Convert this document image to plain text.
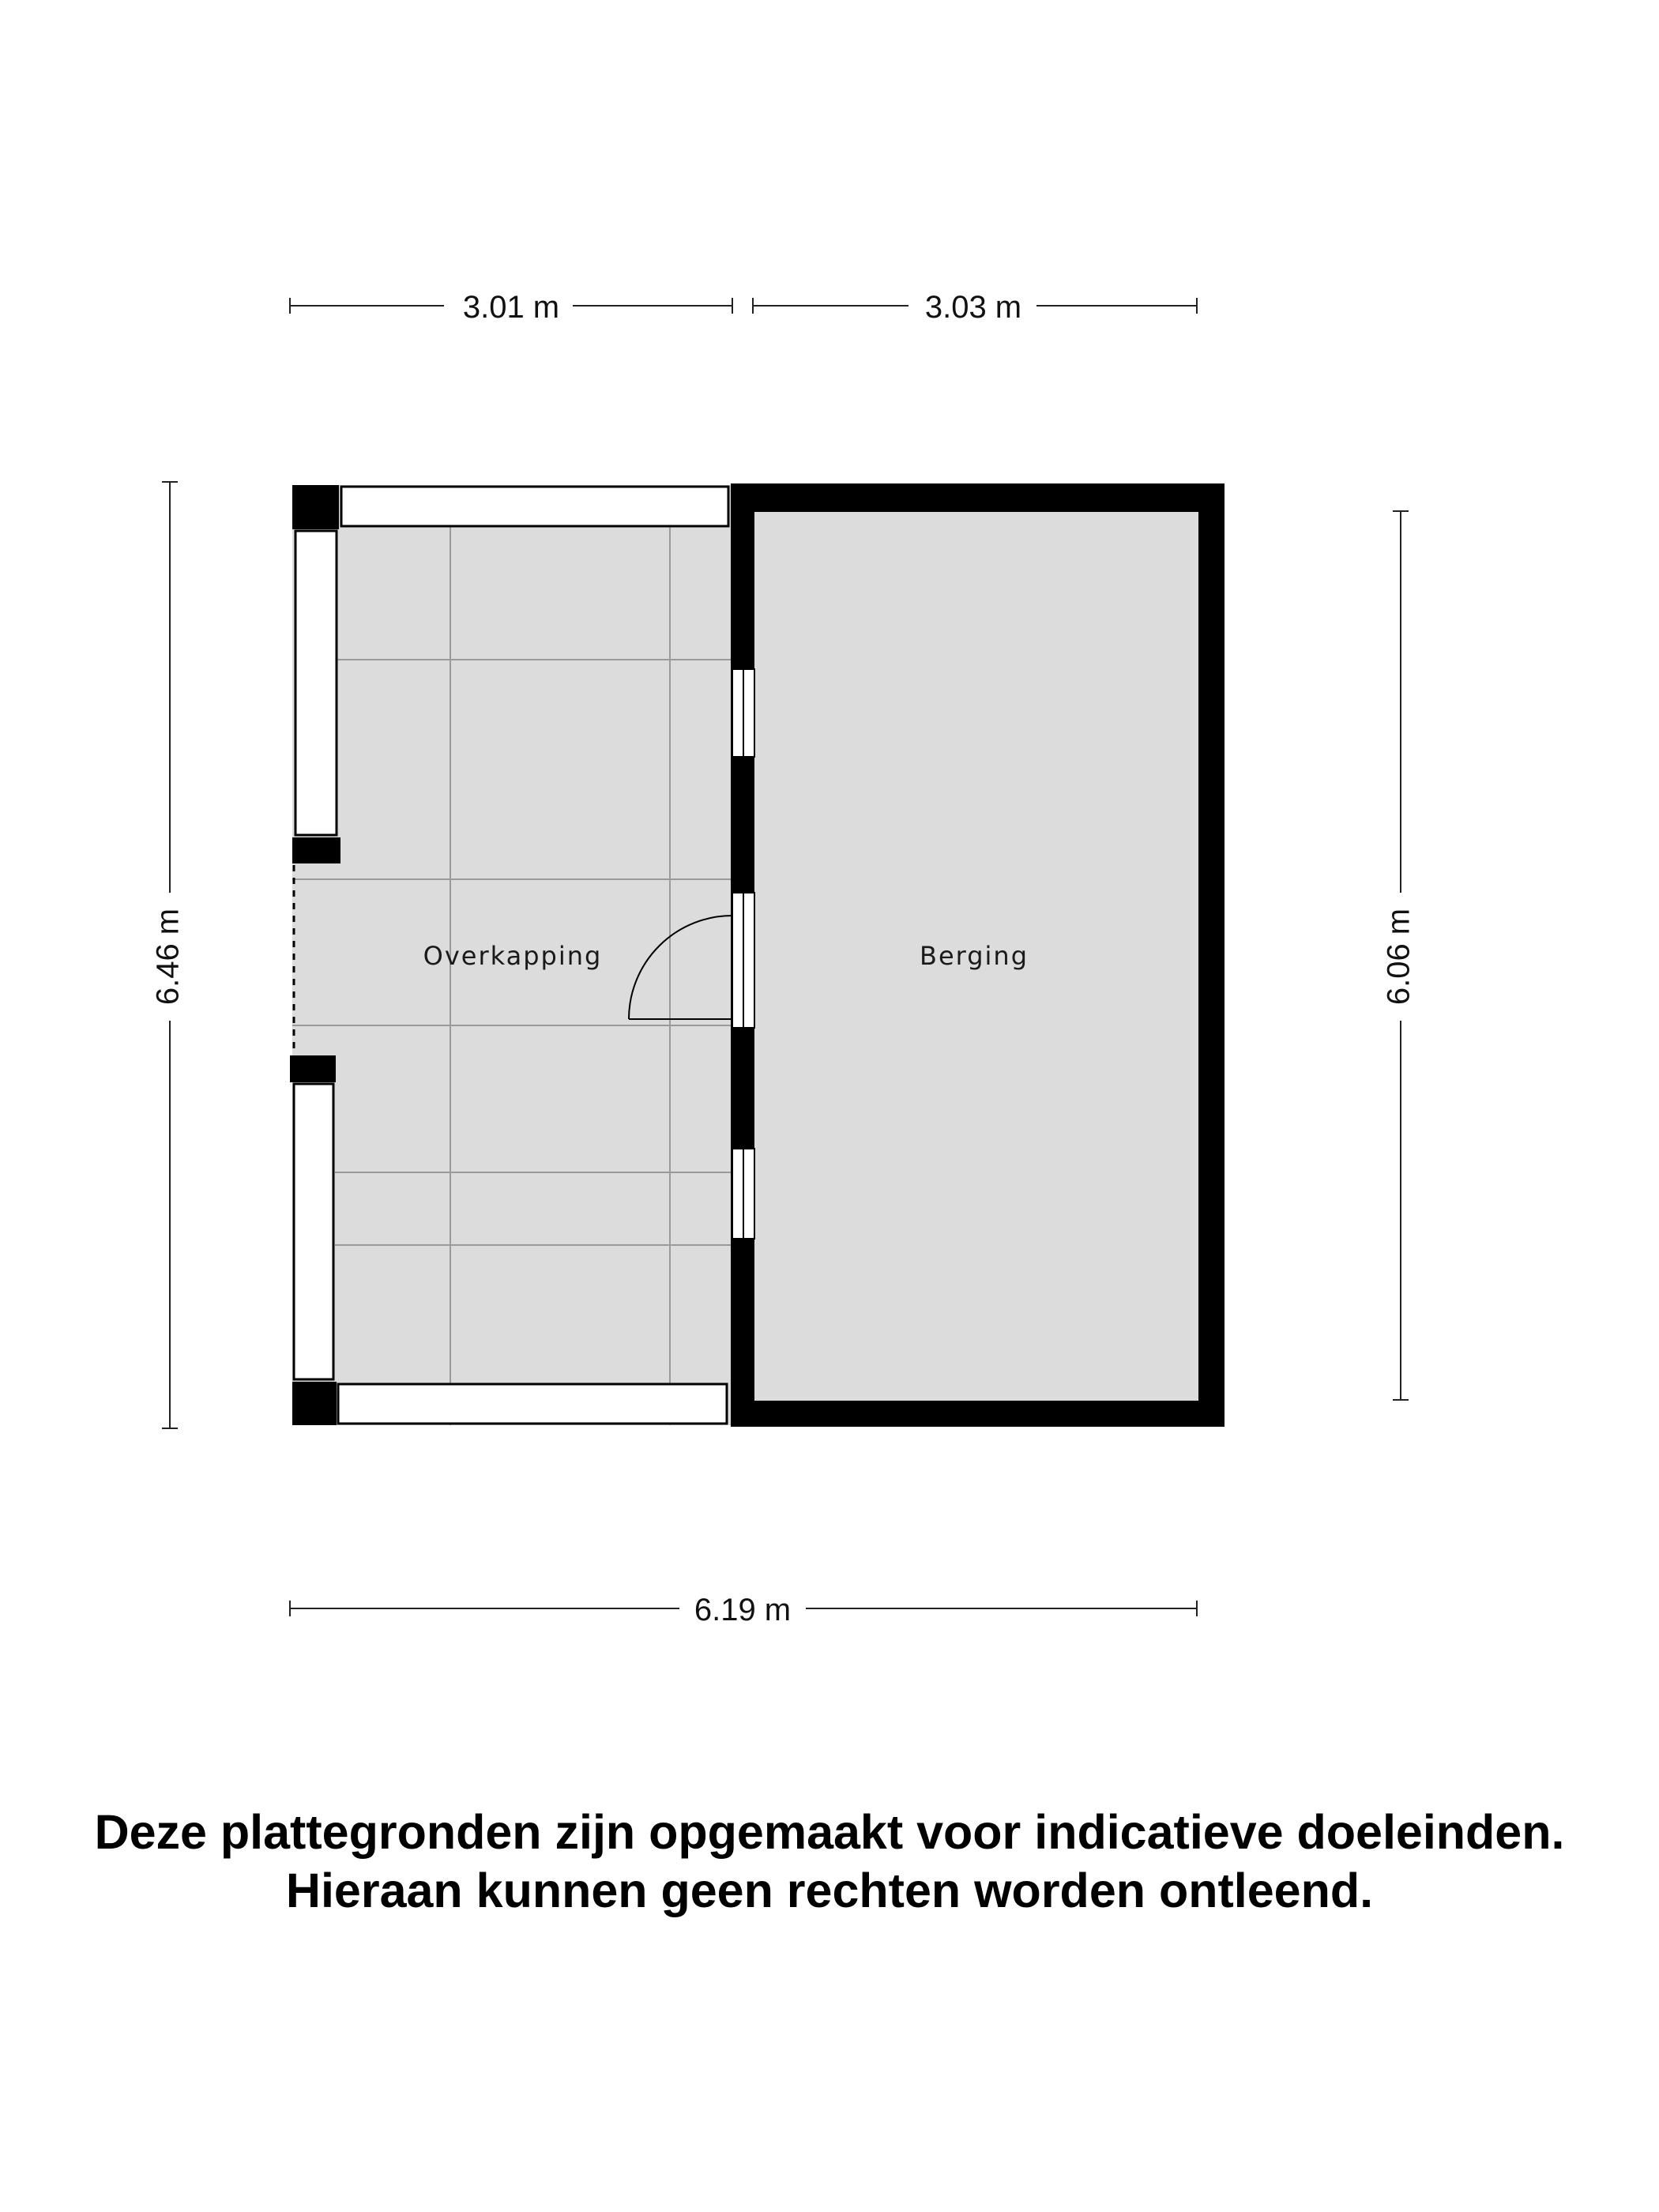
3.01 m	3.03 m
6.19 m
6.46 m	6.06 m
Overkapping	Berging
Deze plattegronden zijn opgemaakt voor indicatieve doeleinden.
Hieraan kunnen geen rechten worden ontleend.
